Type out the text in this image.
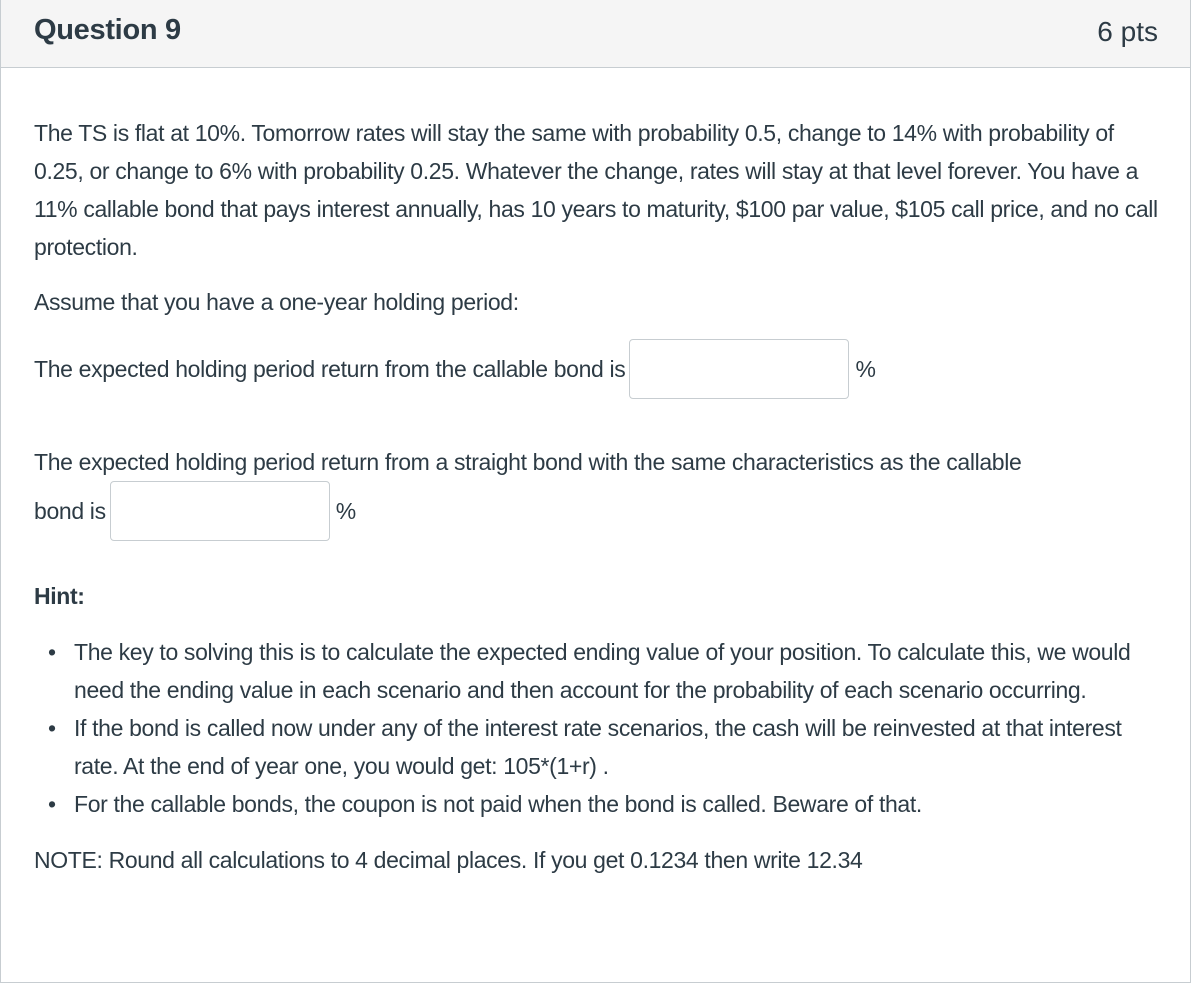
Question 9	6 pts

The TS is flat at 10%. Tomorrow rates will stay the same with probability 0.5, change to 14% with probability of 0.25, or change to 6% with probability 0.25. Whatever the change, rates will stay at that level forever. You have a 11% callable bond that pays interest annually, has 10 years to maturity, $100 par value, $105 call price, and no call protection.

Assume that you have a one-year holding period:

The expected holding period return from the callable bond is	%

The expected holding period return from a straight bond with the same characteristics as the callable

bond is	%

Hint:

• The key to solving this is to calculate the expected ending value of your position. To calculate this, we would need the ending value in each scenario and then account for the probability of each scenario occurring.
• If the bond is called now under any of the interest rate scenarios, the cash will be reinvested at that interest rate. At the end of year one, you would get: 105*(1+r) .
• For the callable bonds, the coupon is not paid when the bond is called. Beware of that.

NOTE: Round all calculations to 4 decimal places. If you get 0.1234 then write 12.34
